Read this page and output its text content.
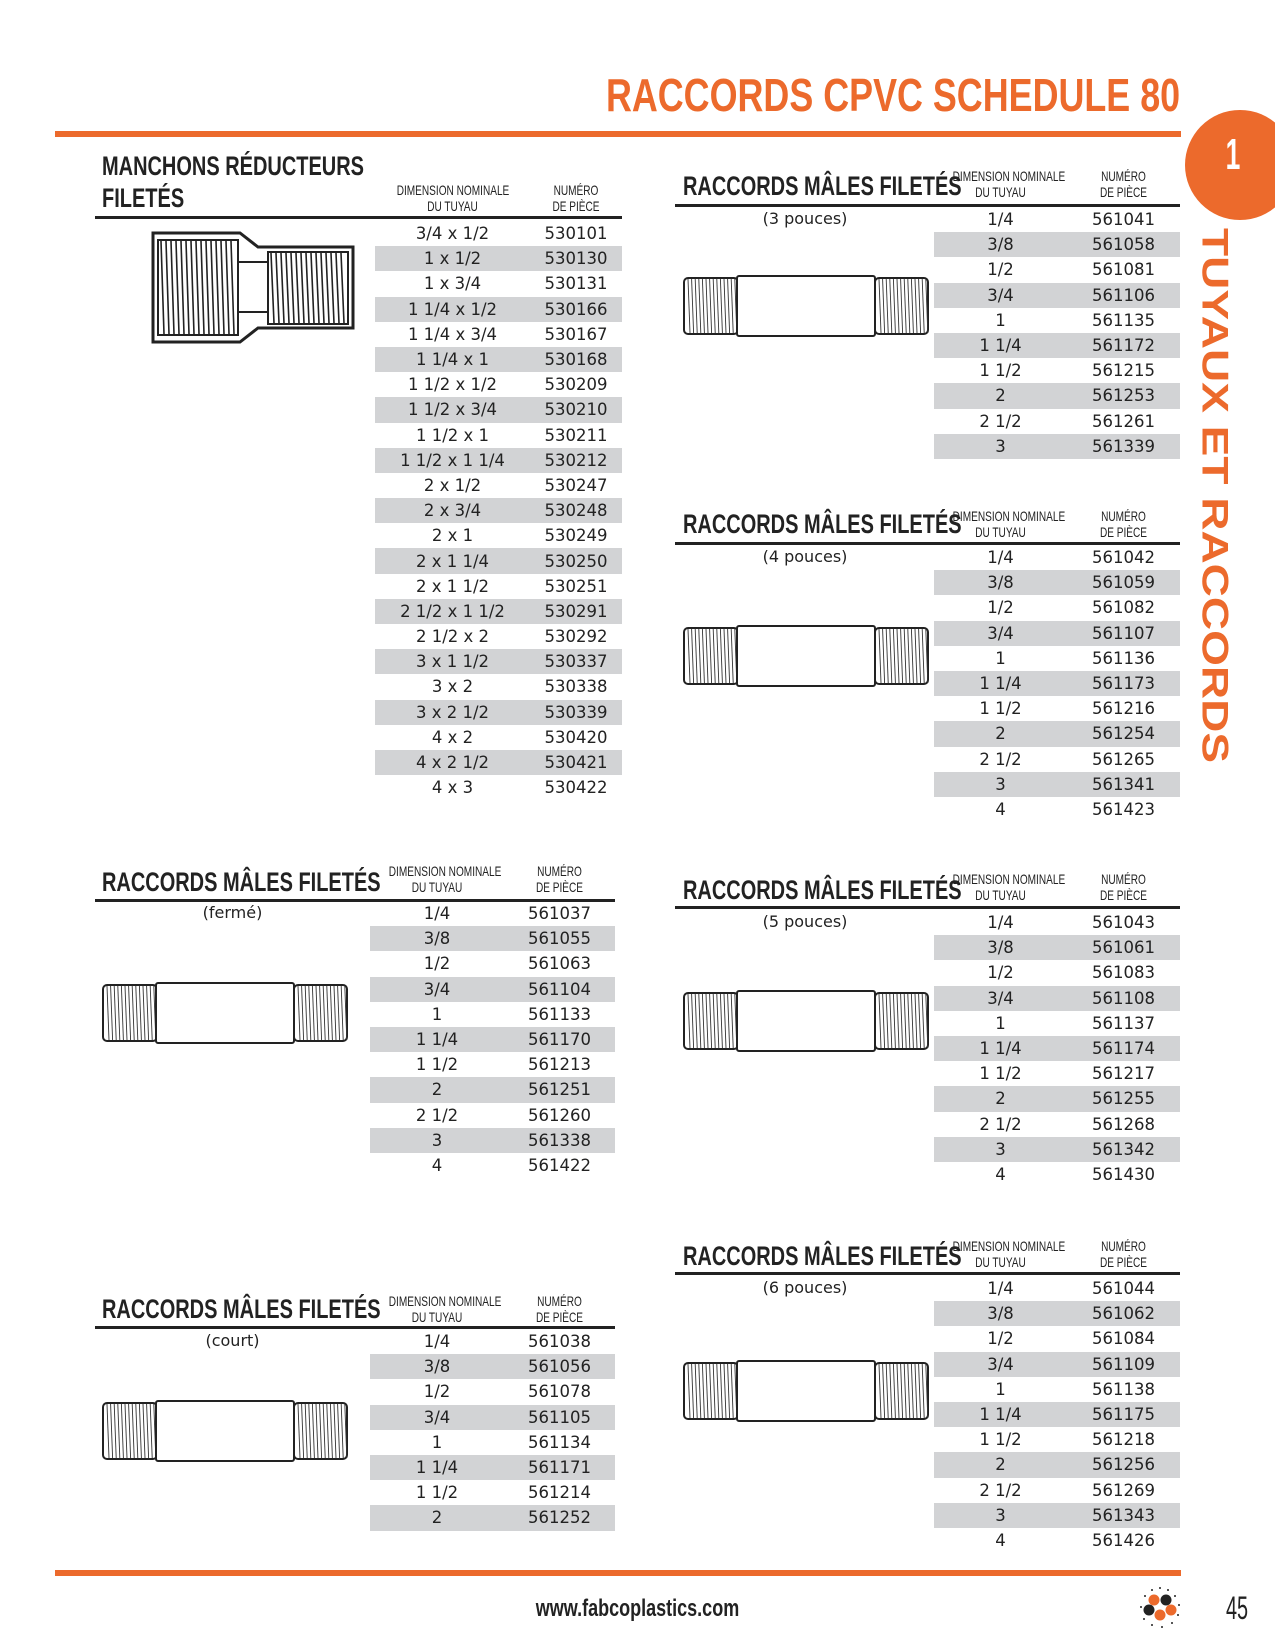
RACCORDS CPVC SCHEDULE 80
1
TUYAUX ET RACCORDS
MANCHONS RÉDUCTEURS
FILETÉS	DIMENSION NOMINALE
DU TUYAU
NUMÉRO
DE PIÈCE
3/4 x 1/2	530101
1 x 1/2	530130
1 x 3/4	530131
1 1/4 x 1/2	530166
1 1/4 x 3/4	530167
1 1/4 x 1	530168
1 1/2 x 1/2	530209
1 1/2 x 3/4	530210
1 1/2 x 1	530211
1 1/2 x 1 1/4	530212
2 x 1/2	530247
2 x 3/4	530248
2 x 1	530249
2 x 1 1/4	530250
2 x 1 1/2	530251
2 1/2 x 1 1/2	530291
2 1/2 x 2	530292
3 x 1 1/2	530337
3 x 2	530338
3 x 2 1/2	530339
4 x 2	530420
4 x 2 1/2	530421
4 x 3	530422
RACCORDS MÂLES FILETÉS
DIMENSION NOMINALE
DU TUYAU
NUMÉRO
DE PIÈCE
(3 pouces)	1/4	561041
3/8	561058
1/2	561081
3/4	561106
1	561135
1 1/4	561172
1 1/2	561215
2	561253
2 1/2	561261
3	561339
RACCORDS MÂLES FILETÉS
DIMENSION NOMINALE
DU TUYAU
NUMÉRO
DE PIÈCE
(4 pouces)	1/4	561042
3/8	561059
1/2	561082
3/4	561107
1	561136
1 1/4	561173
1 1/2	561216
2	561254
2 1/2	561265
3	561341
4	561423
RACCORDS MÂLES FILETÉS DIMENSION NOMINALE
DU TUYAU
NUMÉRO
DE PIÈCE
(fermé)	1/4	561037
3/8	561055
1/2	561063
3/4	561104
1	561133
1 1/4	561170
1 1/2	561213
2	561251
2 1/2	561260
3	561338
4	561422
RACCORDS MÂLES FILETÉS
DIMENSION NOMINALE
DU TUYAU
NUMÉRO
DE PIÈCE
(5 pouces)	1/4	561043
3/8	561061
1/2	561083
3/4	561108
1	561137
1 1/4	561174
1 1/2	561217
2	561255
2 1/2	561268
3	561342
4	561430
RACCORDS MÂLES FILETÉS DIMENSION NOMINALE
DU TUYAU
NUMÉRO
DE PIÈCE
(court)	1/4	561038
3/8	561056
1/2	561078
3/4	561105
1	561134
1 1/4	561171
1 1/2	561214
2	561252
RACCORDS MÂLES FILETÉS
DIMENSION NOMINALE
DU TUYAU
NUMÉRO
DE PIÈCE
(6 pouces)	1/4	561044
3/8	561062
1/2	561084
3/4	561109
1	561138
1 1/4	561175
1 1/2	561218
2	561256
2 1/2	561269
3	561343
4	561426
www.fabcoplastics.com	45
